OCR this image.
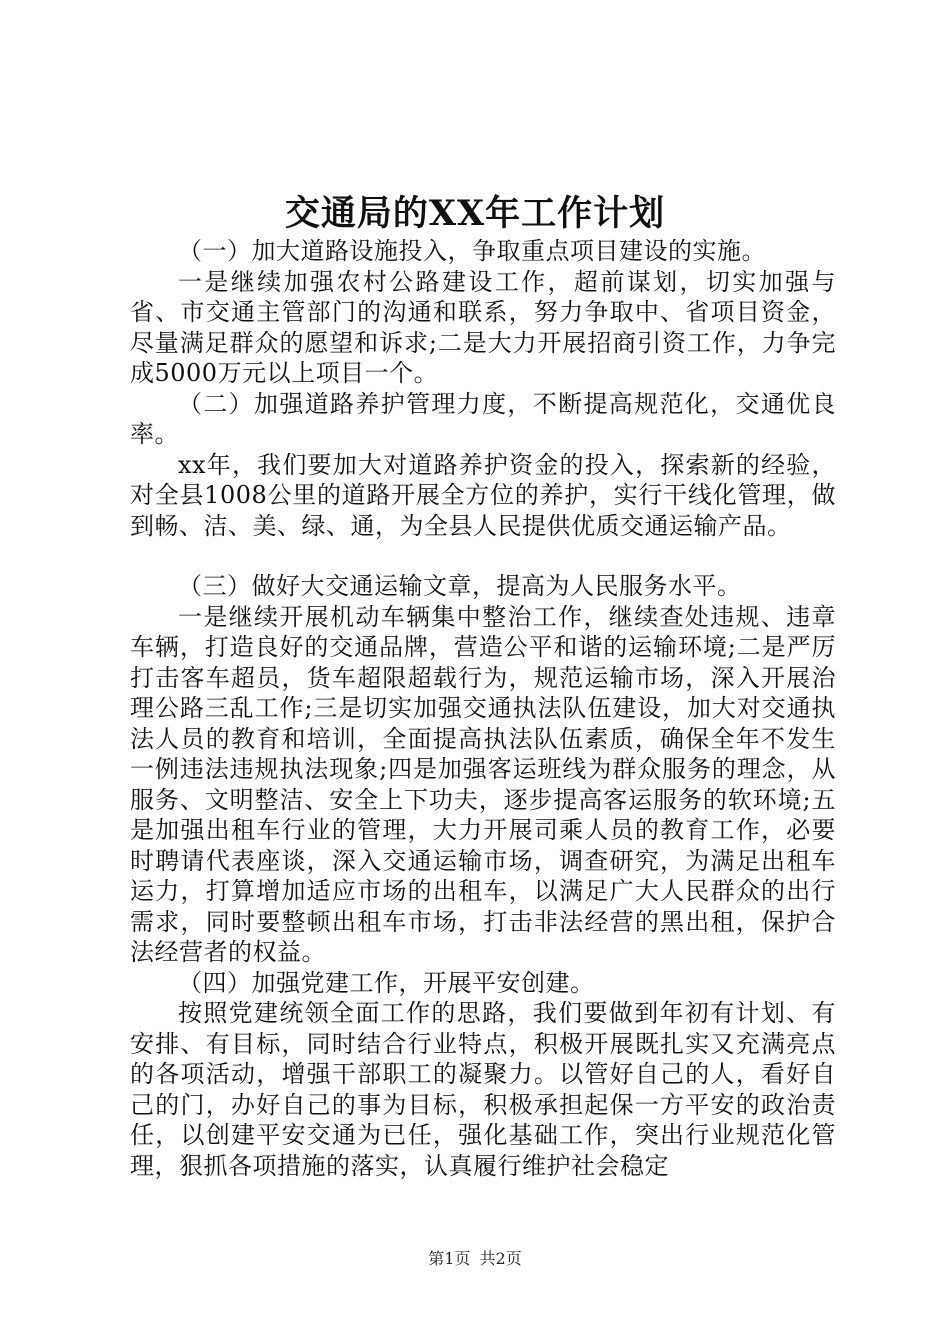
交通局的XX年工作计划

（一）加大道路设施投入，争取重点项目建设的实施。

一是继续加强农村公路建设工作，超前谋划，切实加强与省、市交通主管部门的沟通和联系，努力争取中、省项目资金，尽量满足群众的愿望和诉求;二是大力开展招商引资工作，力争完成5000万元以上项目一个。

（二）加强道路养护管理力度，不断提高规范化，交通优良率。

xx年，我们要加大对道路养护资金的投入，探索新的经验，对全县1008公里的道路开展全方位的养护，实行干线化管理，做到畅、洁、美、绿、通，为全县人民提供优质交通运输产品。

（三）做好大交通运输文章，提高为人民服务水平。

一是继续开展机动车辆集中整治工作，继续查处违规、违章车辆，打造良好的交通品牌，营造公平和谐的运输环境;二是严厉打击客车超员，货车超限超载行为，规范运输市场，深入开展治理公路三乱工作;三是切实加强交通执法队伍建设，加大对交通执法人员的教育和培训，全面提高执法队伍素质，确保全年不发生一例违法违规执法现象;四是加强客运班线为群众服务的理念，从服务、文明整洁、安全上下功夫，逐步提高客运服务的软环境;五是加强出租车行业的管理，大力开展司乘人员的教育工作，必要时聘请代表座谈，深入交通运输市场，调查研究，为满足出租车运力，打算增加适应市场的出租车，以满足广大人民群众的出行需求，同时要整顿出租车市场，打击非法经营的黑出租，保护合法经营者的权益。

（四）加强党建工作，开展平安创建。

按照党建统领全面工作的思路，我们要做到年初有计划、有安排、有目标，同时结合行业特点，积极开展既扎实又充满亮点的各项活动，增强干部职工的凝聚力。以管好自己的人，看好自己的门，办好自己的事为目标，积极承担起保一方平安的政治责任，以创建平安交通为已任，强化基础工作，突出行业规范化管理，狠抓各项措施的落实，认真履行维护社会稳定

第1页 共2页
